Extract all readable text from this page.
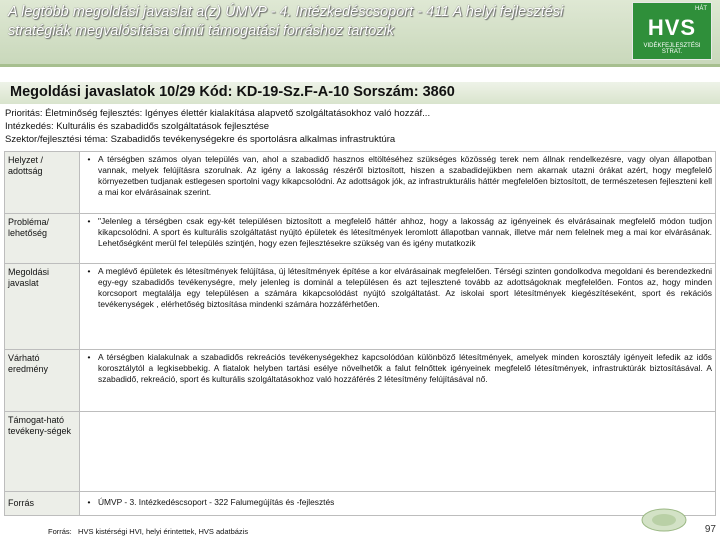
A legtöbb megoldási javaslat a(z) ÚMVP - 4. Intézkedéscsoport - 411 A helyi fejlesztési stratégiák megvalósítása című támogatási forráshoz tartozik
HÁT
HVS
VIDÉKFEJLESZTÉSI STRAT.
Megoldási javaslatok 10/29 Kód: KD-19-Sz.F-A-10 Sorszám: 3860
Prioritás: Életminőség fejlesztés: Igényes élettér kialakítása alapvető szolgáltatásokhoz való hozzáf...
Intézkedés: Kulturális és szabadidős szolgáltatások fejlesztése
Szektor/fejlesztési téma: Szabadidős tevékenységekre és sportolásra alkalmas infrastruktúra
Helyzet / adottság	• A térségben számos olyan település van, ahol a szabadidő hasznos eltöltéséhez szükséges közösség terek nem állnak rendelkezésre, vagy olyan állapotban vannak, melyek felújításra szorulnak. Az igény a lakosság részéről biztosított, hiszen a szabadidejükben nem akarnak utazni órákat azért, hogy megfelelő környezetben tudjanak estlegesen sportolni vagy kikapcsolódni. Az adottságok jók, az infrastrukturális háttér megfelelően biztosított, de természetesen fejleszteni kell a mai kor elvárásainak szerint.

Probléma/ lehetőség	• "Jelenleg a térségben csak egy-két településen biztosított a megfelelő háttér ahhoz, hogy a lakosság az igényeinek és elvárásainak megfelelő módon tudjon kikapcsolódni. A sport és kulturális szolgáltatást nyújtó épületek és létesítmények leromlott állapotban vannak, illetve már nem felelnek meg a mai kor elvárásának. Lehetőségként merül fel település szintjén, hogy ezen fejlesztésekre szükség van és igény mutatkozik

Megoldási javaslat	• A meglévő épületek és létesítmények felújítása, új létesítmények építése a kor elvárásainak megfelelően. Térségi szinten gondolkodva megoldani és berendezkedni egy-egy szabadidős tevékenységre, mely jelenleg is dominál a településen és azt tejlesztené tovább az adottságoknak megfelelően. Fontos az, hogy minden korcsoport megtalálja egy településen a számára kikapcsolódást nyújtó szolgáltatást. Az iskolai sport létesítmények kiegészítéseként, sport és rekációs tevékenységek , elérhetőség biztosítása mindenki számára hozzáférhetően.

Várható eredmény	• A térségben kialakulnak a szabadidős rekreációs tevékenységekhez kapcsolódóan különböző létesítmények, amelyek minden korosztály igényeit lefedik az idős korosztálytól a legkisebbekig. A fiatalok helyben tartási esélye növelhetők a falut felnőttek igényeinek megfelelő létesítmények, infrastruktúrák biztosításával. A szabadidő, rekreáció, sport és kulturális szolgáltatásokhoz való hozzáférés 2 létesítmény felújításával nő.

Támogat-ható tevékeny-ségek	

Forrás	• ÚMVP - 3. Intézkedéscsoport - 322 Falumegújítás és -fejlesztés
Forrás: HVS kistérségi HVI, helyi érintettek, HVS adatbázis	97
